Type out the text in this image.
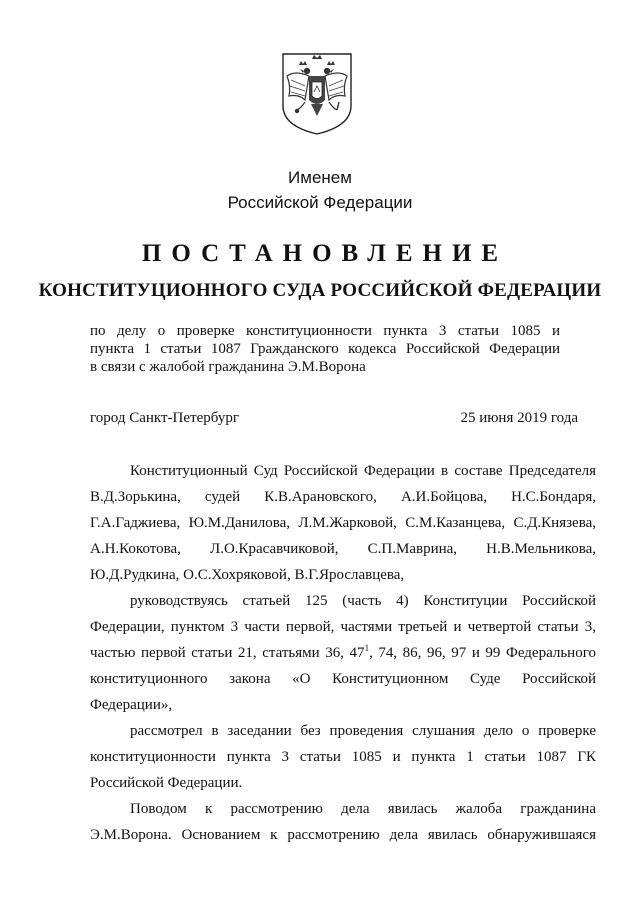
Именем
Российской Федерации
ПОСТАНОВЛЕНИЕ
КОНСТИТУЦИОННОГО СУДА РОССИЙСКОЙ ФЕДЕРАЦИИ
по делу о проверке конституционности пункта 3 статьи 1085 и
пункта 1 статьи 1087 Гражданского кодекса Российской Федерации
в связи с жалобой гражданина Э.М.Ворона
город Санкт-Петербург	25 июня 2019 года
Конституционный Суд Российской Федерации в составе Председателя
В.Д.Зорькина, судей К.В.Арановского, А.И.Бойцова, Н.С.Бондаря,
Г.А.Гаджиева, Ю.М.Данилова, Л.М.Жарковой, С.М.Казанцева, С.Д.Князева,
А.Н.Кокотова, Л.О.Красавчиковой, С.П.Маврина, Н.В.Мельникова,
Ю.Д.Рудкина, О.С.Хохряковой, В.Г.Ярославцева,
руководствуясь статьей 125 (часть 4) Конституции Российской
Федерации, пунктом 3 части первой, частями третьей и четвертой статьи 3,
частью первой статьи 21, статьями 36, $47^1$, 74, 86, 96, 97 и 99 Федерального
конституционного закона «О Конституционном Суде Российской
Федерации»,
рассмотрел в заседании без проведения слушания дело о проверке
конституционности пункта 3 статьи 1085 и пункта 1 статьи 1087 ГК
Российской Федерации.
Поводом к рассмотрению дела явилась жалоба гражданина
Э.М.Ворона. Основанием к рассмотрению дела явилась обнаружившаяся
